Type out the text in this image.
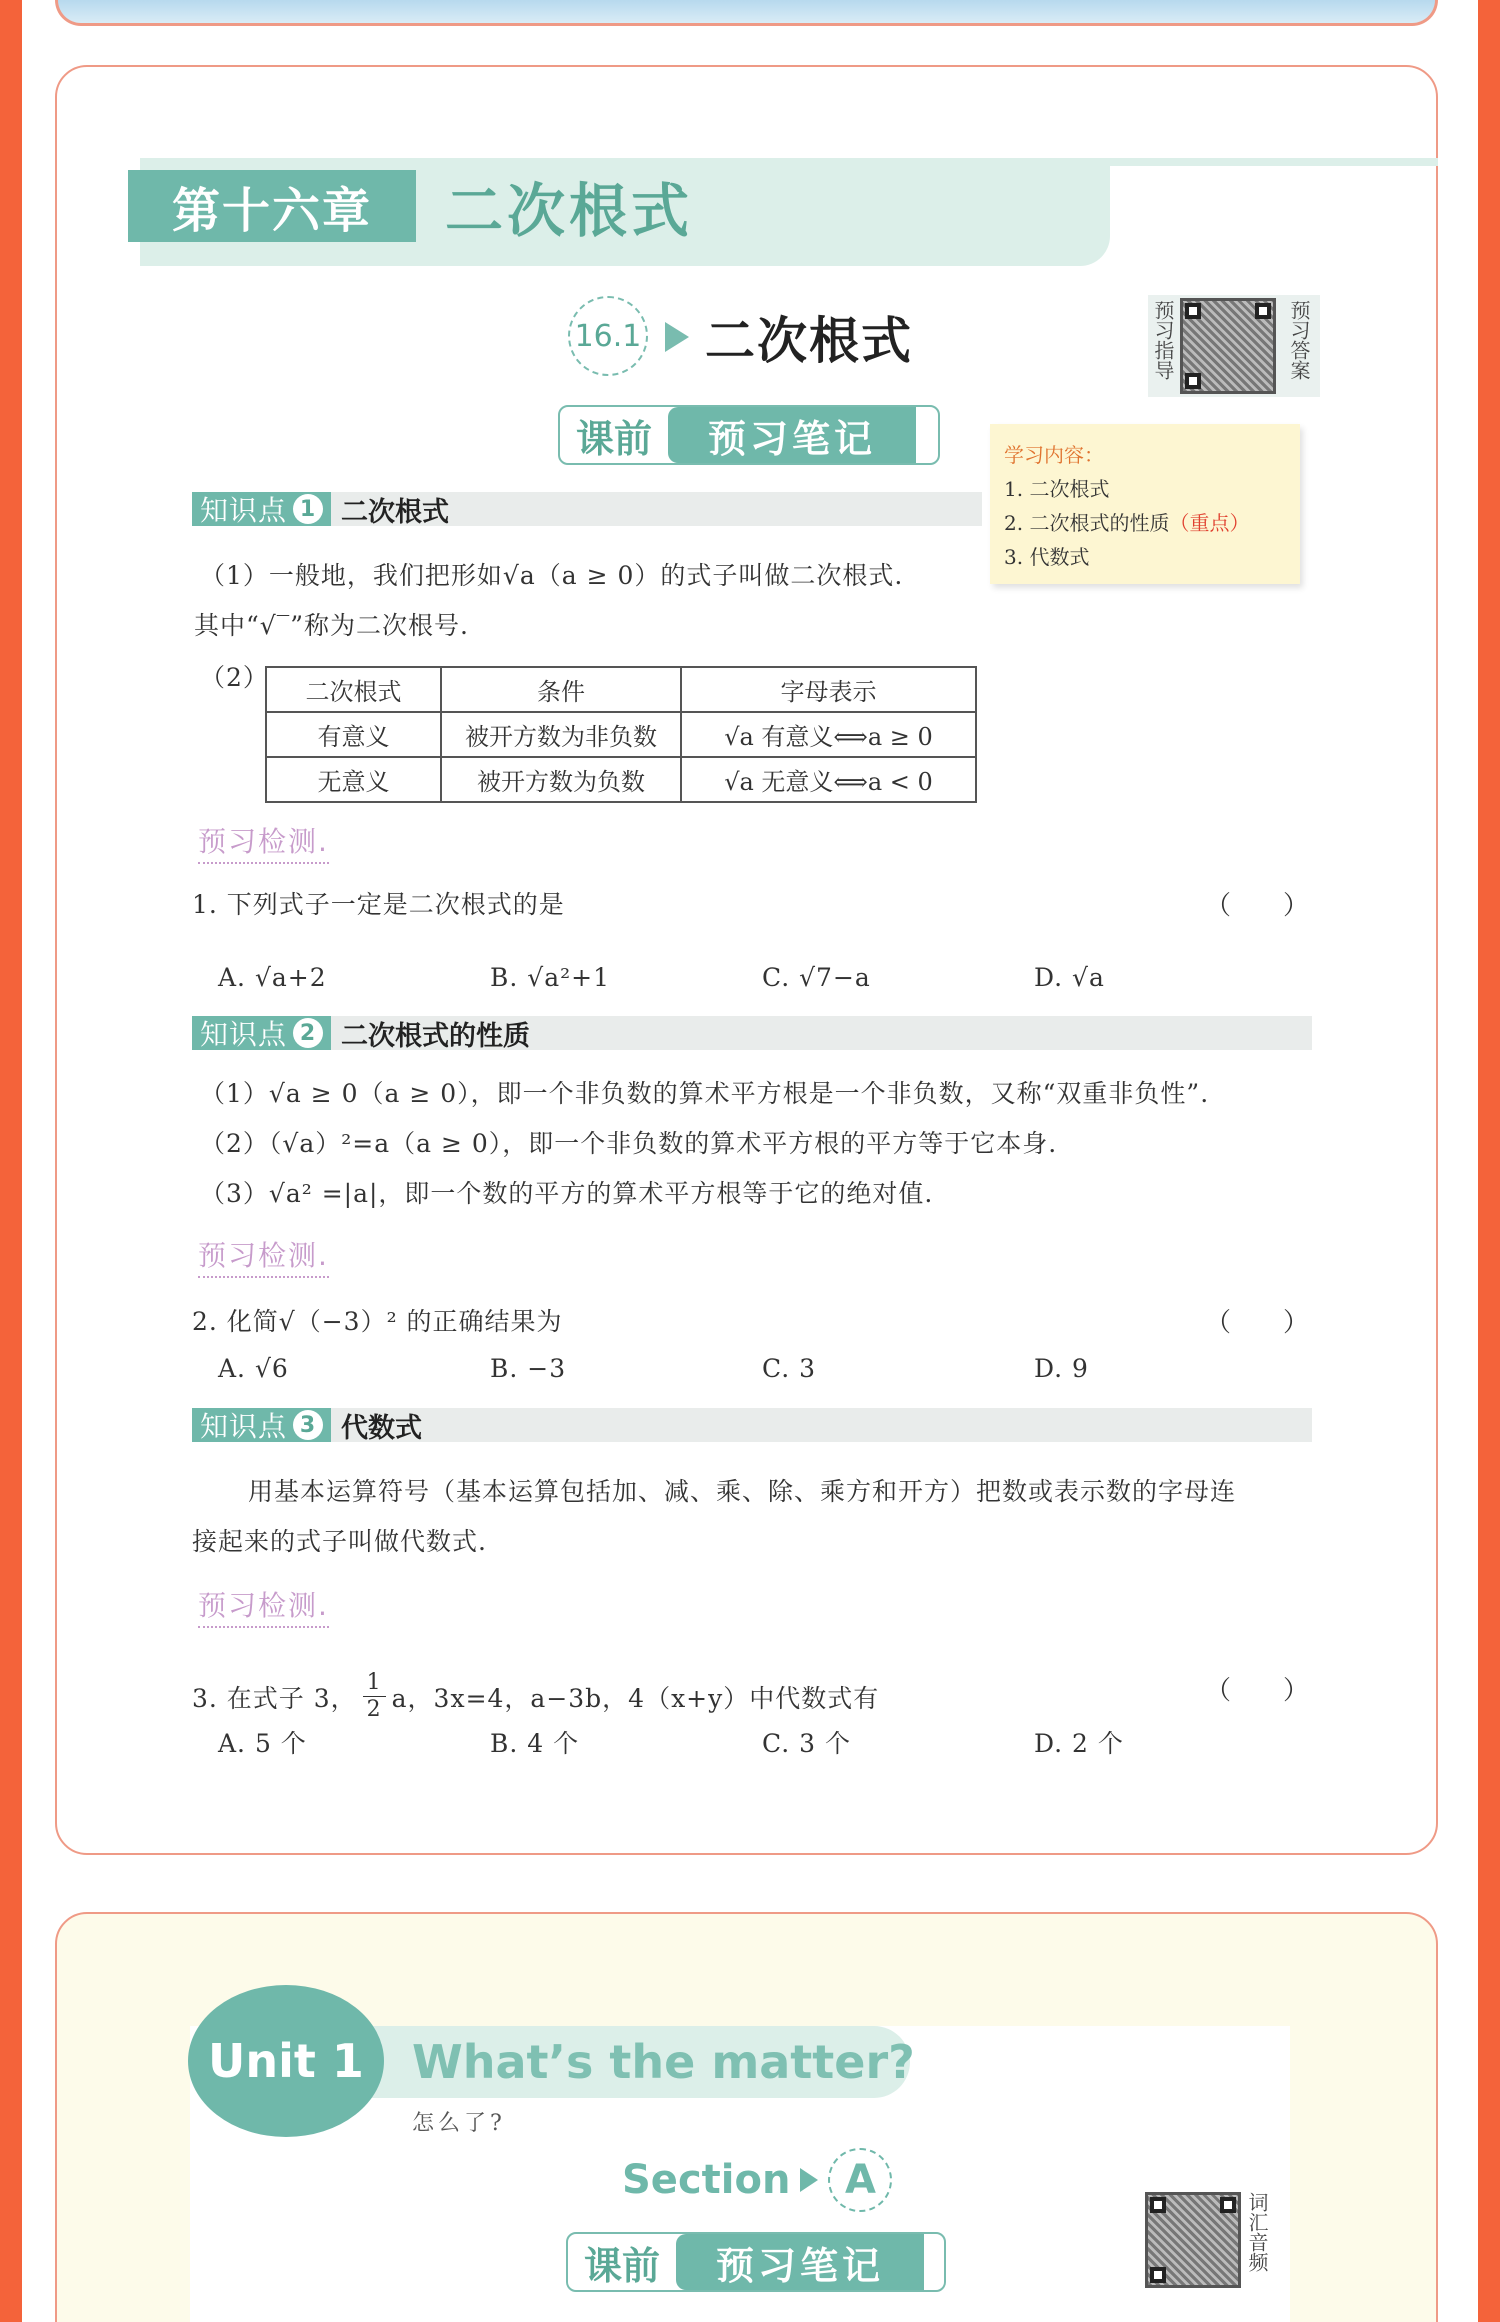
第十六章	二次根式
16.1 二次根式	预习指导	预习答案
课前	预习笔记	学习内容：
1. 二次根式
2. 二次根式的性质（重点）
3. 代数式
知识点 1 二次根式
（1）一般地，我们把形如√a（a ≥ 0）的式子叫做二次根式.
其中“√‾”称为二次根号.
（2） 二次根式	条件	字母表示
有意义	被开方数为非负数	√a 有意义⟺a ≥ 0
无意义	被开方数为负数	√a 无意义⟺a < 0
预习检测.
1. 下列式子一定是二次根式的是	（　　）
A. √a+2	B. √a²+1	C. √7−a	D. √a
知识点 2 二次根式的性质
（1）√a ≥ 0（a ≥ 0），即一个非负数的算术平方根是一个非负数，又称“双重非负性”.
（2）（√a）²=a（a ≥ 0），即一个非负数的算术平方根的平方等于它本身.
（3）√a² =|a|，即一个数的平方的算术平方根等于它的绝对值.
预习检测.
2. 化简√（−3）² 的正确结果为	（　　）
A. √6	B. −3	C. 3	D. 9
知识点 3 代数式
用基本运算符号（基本运算包括加、减、乘、除、乘方和开方）把数或表示数的字母连
接起来的式子叫做代数式.
预习检测.
3. 在式子 3，
1
2 a，3x=4，a−3b，4（x+y）中代数式有	（　　）
A. 5 个	B. 4 个	C. 3 个	D. 2 个
Unit 1	What’s the matter?
怎么了?
Section	A
词汇音频
课前	预习笔记
